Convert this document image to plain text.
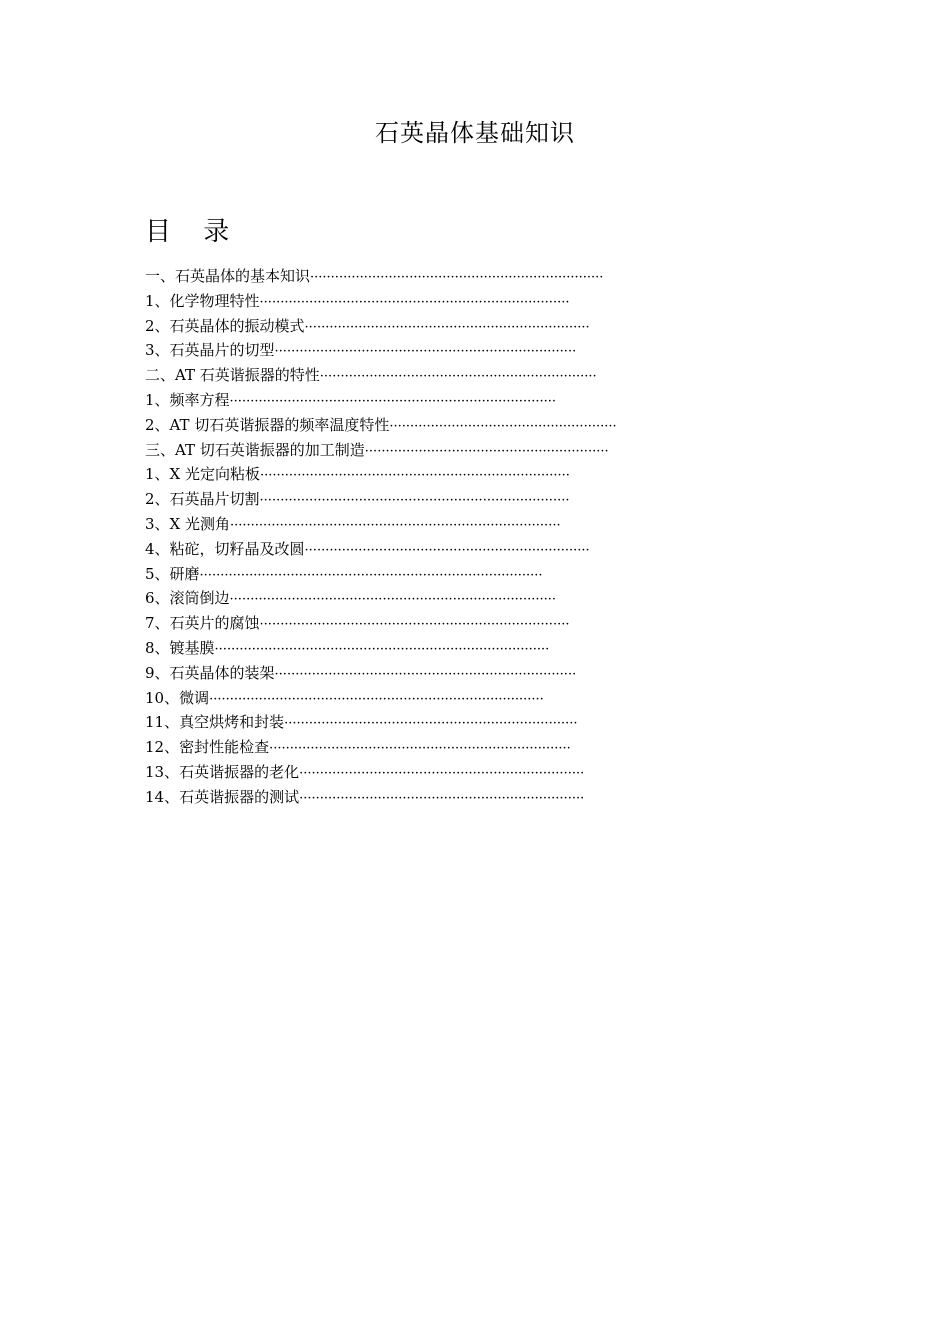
石英晶体基础知识
目 录
一、石英晶体的基本知识·······································································
1、化学物理特性···········································································
2、石英晶体的振动模式·····································································
3、石英晶片的切型·········································································
二、AT 石英谐振器的特性···································································
1、频率方程···············································································
2、AT 切石英谐振器的频率温度特性·······················································
三、AT 切石英谐振器的加工制造···························································
1、X 光定向粘板···········································································
2、石英晶片切割···········································································
3、X 光测角················································································
4、粘砣，切籽晶及改圆·····································································
5、研磨···················································································
6、滚筒倒边···············································································
7、石英片的腐蚀···········································································
8、镀基膜·················································································
9、石英晶体的装架·········································································
10、微调·················································································
11、真空烘烤和封装·······································································
12、密封性能检查·········································································
13、石英谐振器的老化·····································································
14、石英谐振器的测试·····································································
